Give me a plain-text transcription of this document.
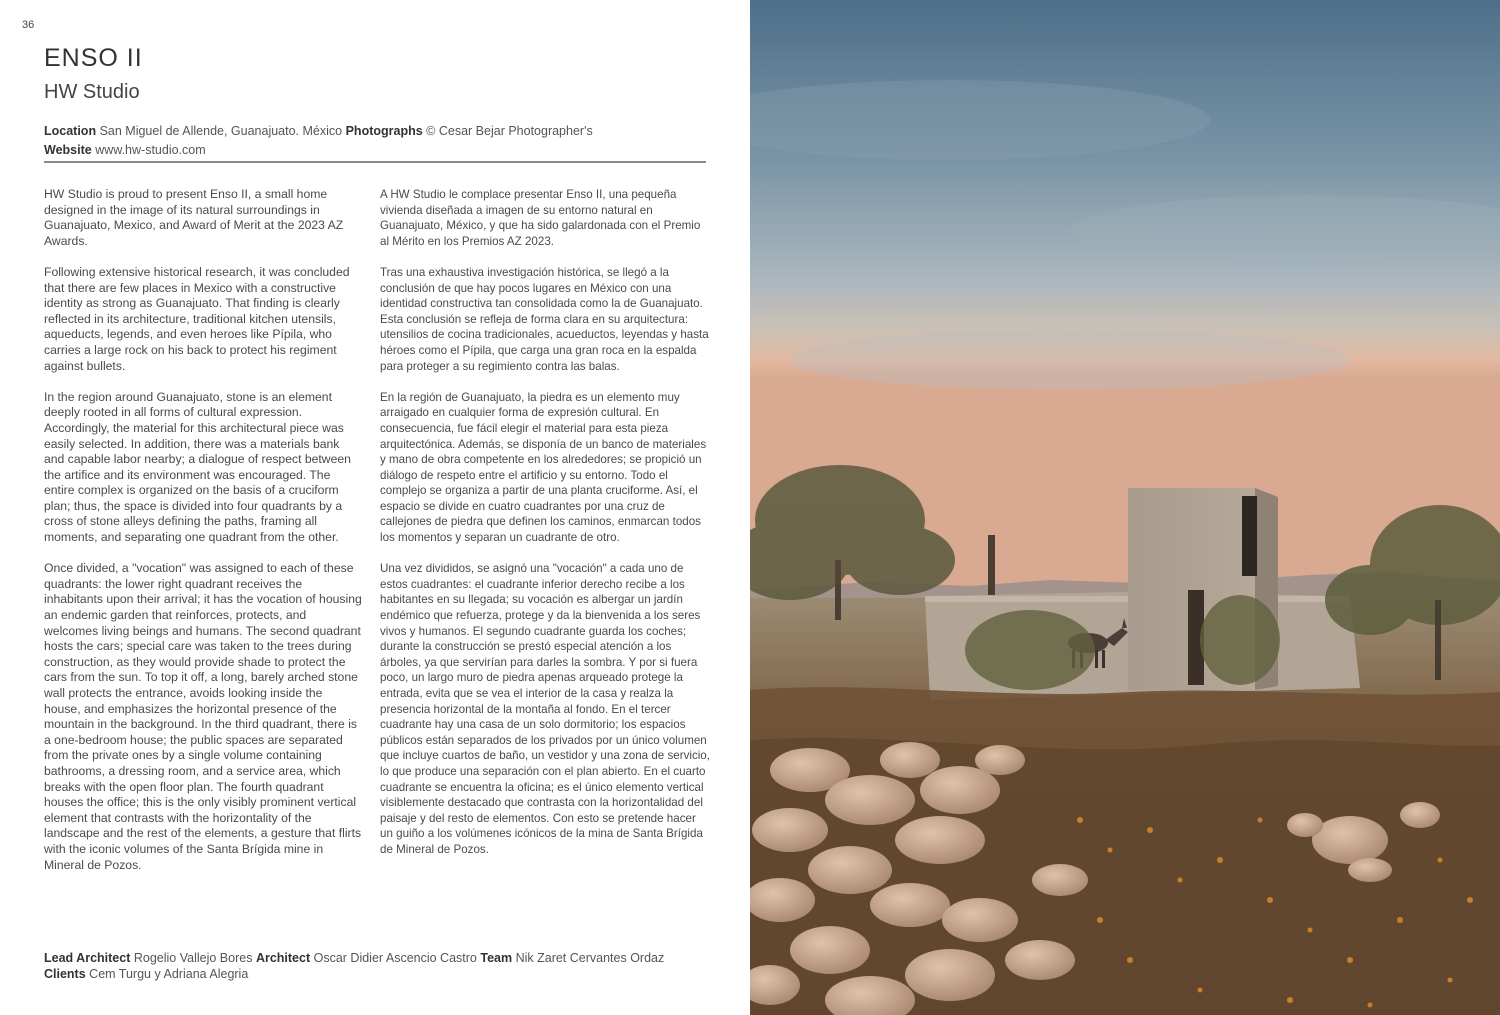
36
ENSO II
HW Studio
Location San Miguel de Allende, Guanajuato. México Photographs © Cesar Bejar Photographer's
Website www.hw-studio.com

HW Studio is proud to present Enso II, a small home designed in the image of its natural surroundings in Guanajuato, Mexico, and Award of Merit at the 2023 AZ Awards.

Following extensive historical research, it was concluded that there are few places in Mexico with a constructive identity as strong as Guanajuato. That finding is clearly reflected in its architecture, traditional kitchen utensils, aqueducts, legends, and even heroes like Pípila, who carries a large rock on his back to protect his regiment against bullets.

In the region around Guanajuato, stone is an element deeply rooted in all forms of cultural expression. Accordingly, the material for this architectural piece was easily selected. In addition, there was a materials bank and capable labor nearby; a dialogue of respect between the artifice and its environment was encouraged. The entire complex is organized on the basis of a cruciform plan; thus, the space is divided into four quadrants by a cross of stone alleys defining the paths, framing all moments, and separating one quadrant from the other.

Once divided, a "vocation" was assigned to each of these quadrants: the lower right quadrant receives the inhabitants upon their arrival; it has the vocation of housing an endemic garden that reinforces, protects, and welcomes living beings and humans. The second quadrant hosts the cars; special care was taken to the trees during construction, as they would provide shade to protect the cars from the sun. To top it off, a long, barely arched stone wall protects the entrance, avoids looking inside the house, and emphasizes the horizontal presence of the mountain in the background. In the third quadrant, there is a one-bedroom house; the public spaces are separated from the private ones by a single volume containing bathrooms, a dressing room, and a service area, which breaks with the open floor plan. The fourth quadrant houses the office; this is the only visibly prominent vertical element that contrasts with the horizontality of the landscape and the rest of the elements, a gesture that flirts with the iconic volumes of the Santa Brígida mine in Mineral de Pozos.

A HW Studio le complace presentar Enso II, una pequeña vivienda diseñada a imagen de su entorno natural en Guanajuato, México, y que ha sido galardonada con el Premio al Mérito en los Premios AZ 2023.

Tras una exhaustiva investigación histórica, se llegó a la conclusión de que hay pocos lugares en México con una identidad constructiva tan consolidada como la de Guanajuato. Esta conclusión se refleja de forma clara en su arquitectura: utensilios de cocina tradicionales, acueductos, leyendas y hasta héroes como el Pípila, que carga una gran roca en la espalda para proteger a su regimiento contra las balas.

En la región de Guanajuato, la piedra es un elemento muy arraigado en cualquier forma de expresión cultural. En consecuencia, fue fácil elegir el material para esta pieza arquitectónica. Además, se disponía de un banco de materiales y mano de obra competente en los alrededores; se propició un diálogo de respeto entre el artificio y su entorno. Todo el complejo se organiza a partir de una planta cruciforme. Así, el espacio se divide en cuatro cuadrantes por una cruz de callejones de piedra que definen los caminos, enmarcan todos los momentos y separan un cuadrante de otro.

Una vez divididos, se asignó una "vocación" a cada uno de estos cuadrantes: el cuadrante inferior derecho recibe a los habitantes en su llegada; su vocación es albergar un jardín endémico que refuerza, protege y da la bienvenida a los seres vivos y humanos. El segundo cuadrante guarda los coches; durante la construcción se prestó especial atención a los árboles, ya que servirían para darles la sombra. Y por si fuera poco, un largo muro de piedra apenas arqueado protege la entrada, evita que se vea el interior de la casa y realza la presencia horizontal de la montaña al fondo. En el tercer cuadrante hay una casa de un solo dormitorio; los espacios públicos están separados de los privados por un único volumen que incluye cuartos de baño, un vestidor y una zona de servicio, lo que produce una separación con el plan abierto. En el cuarto cuadrante se encuentra la oficina; es el único elemento vertical visiblemente destacado que contrasta con la horizontalidad del paisaje y del resto de elementos. Con esto se pretende hacer un guiño a los volúmenes icónicos de la mina de Santa Brígida de Mineral de Pozos.

Lead Architect Rogelio Vallejo Bores Architect Oscar Didier Ascencio Castro Team Nik Zaret Cervantes Ordaz
Clients Cem Turgu y Adriana Alegria
